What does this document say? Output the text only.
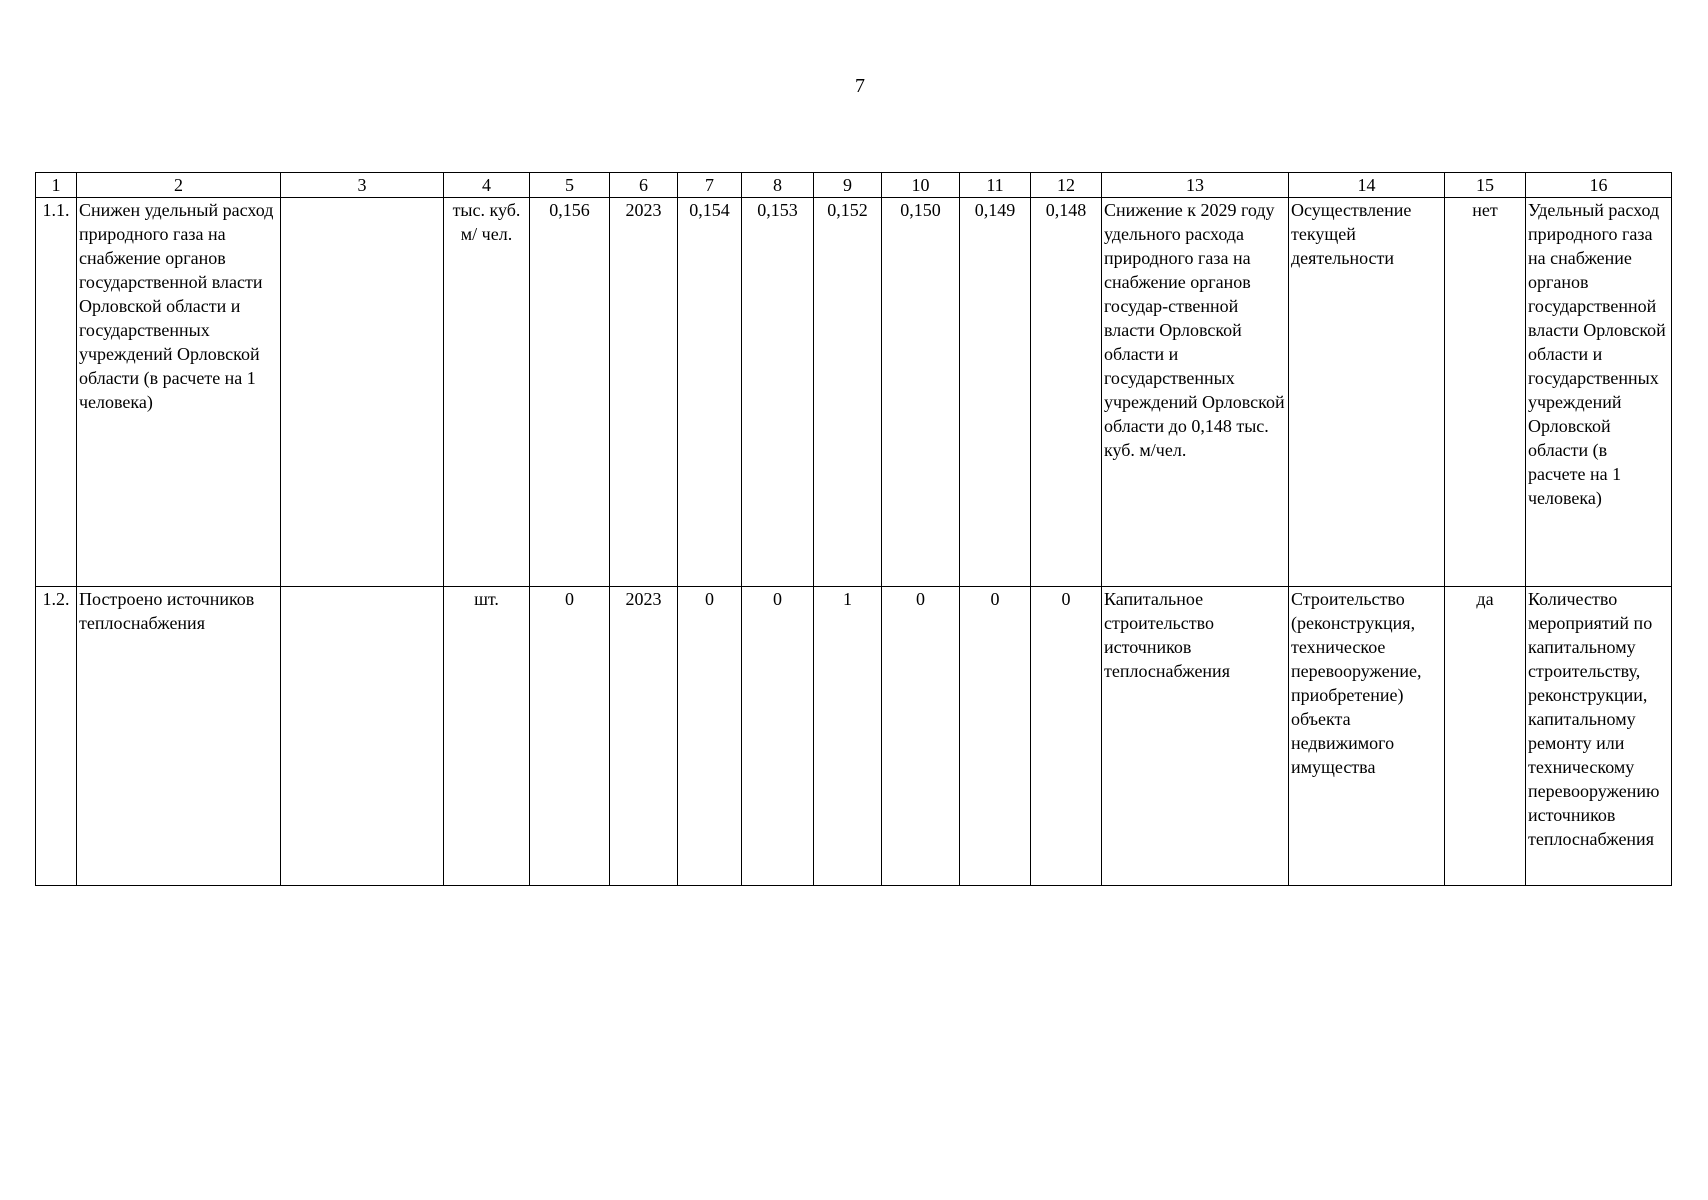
7
1	2	3	4	5	6	7	8	9	10	11	12	13	14	15	16
1.1.	Снижен удельный расход природного газа на снабжение органов государственной власти Орловской области и государственных учреждений Орловской области (в расчете на 1 человека)		тыс. куб. м/ чел.	0,156	2023	0,154	0,153	0,152	0,150	0,149	0,148	Снижение к 2029 году удельного расхода природного газа на снабжение органов государ-ственной власти Орловской области и государственных учреждений Орловской области до 0,148 тыс. куб. м/чел.	Осуществление текущей деятельности	нет	Удельный расход природного газа на снабжение органов государственной власти Орловской области и государственных учреждений Орловской области (в расчете на 1 человека)
1.2.	Построено источников теплоснабжения		шт.	0	2023	0	0	1	0	0	0	Капитальное строительство источников теплоснабжения	Строительство (реконструкция, техническое перевооружение, приобретение) объекта недвижимого имущества	да	Количество мероприятий по капитальному строительству, реконструкции, капитальному ремонту или техническому перевооружению источников теплоснабжения
